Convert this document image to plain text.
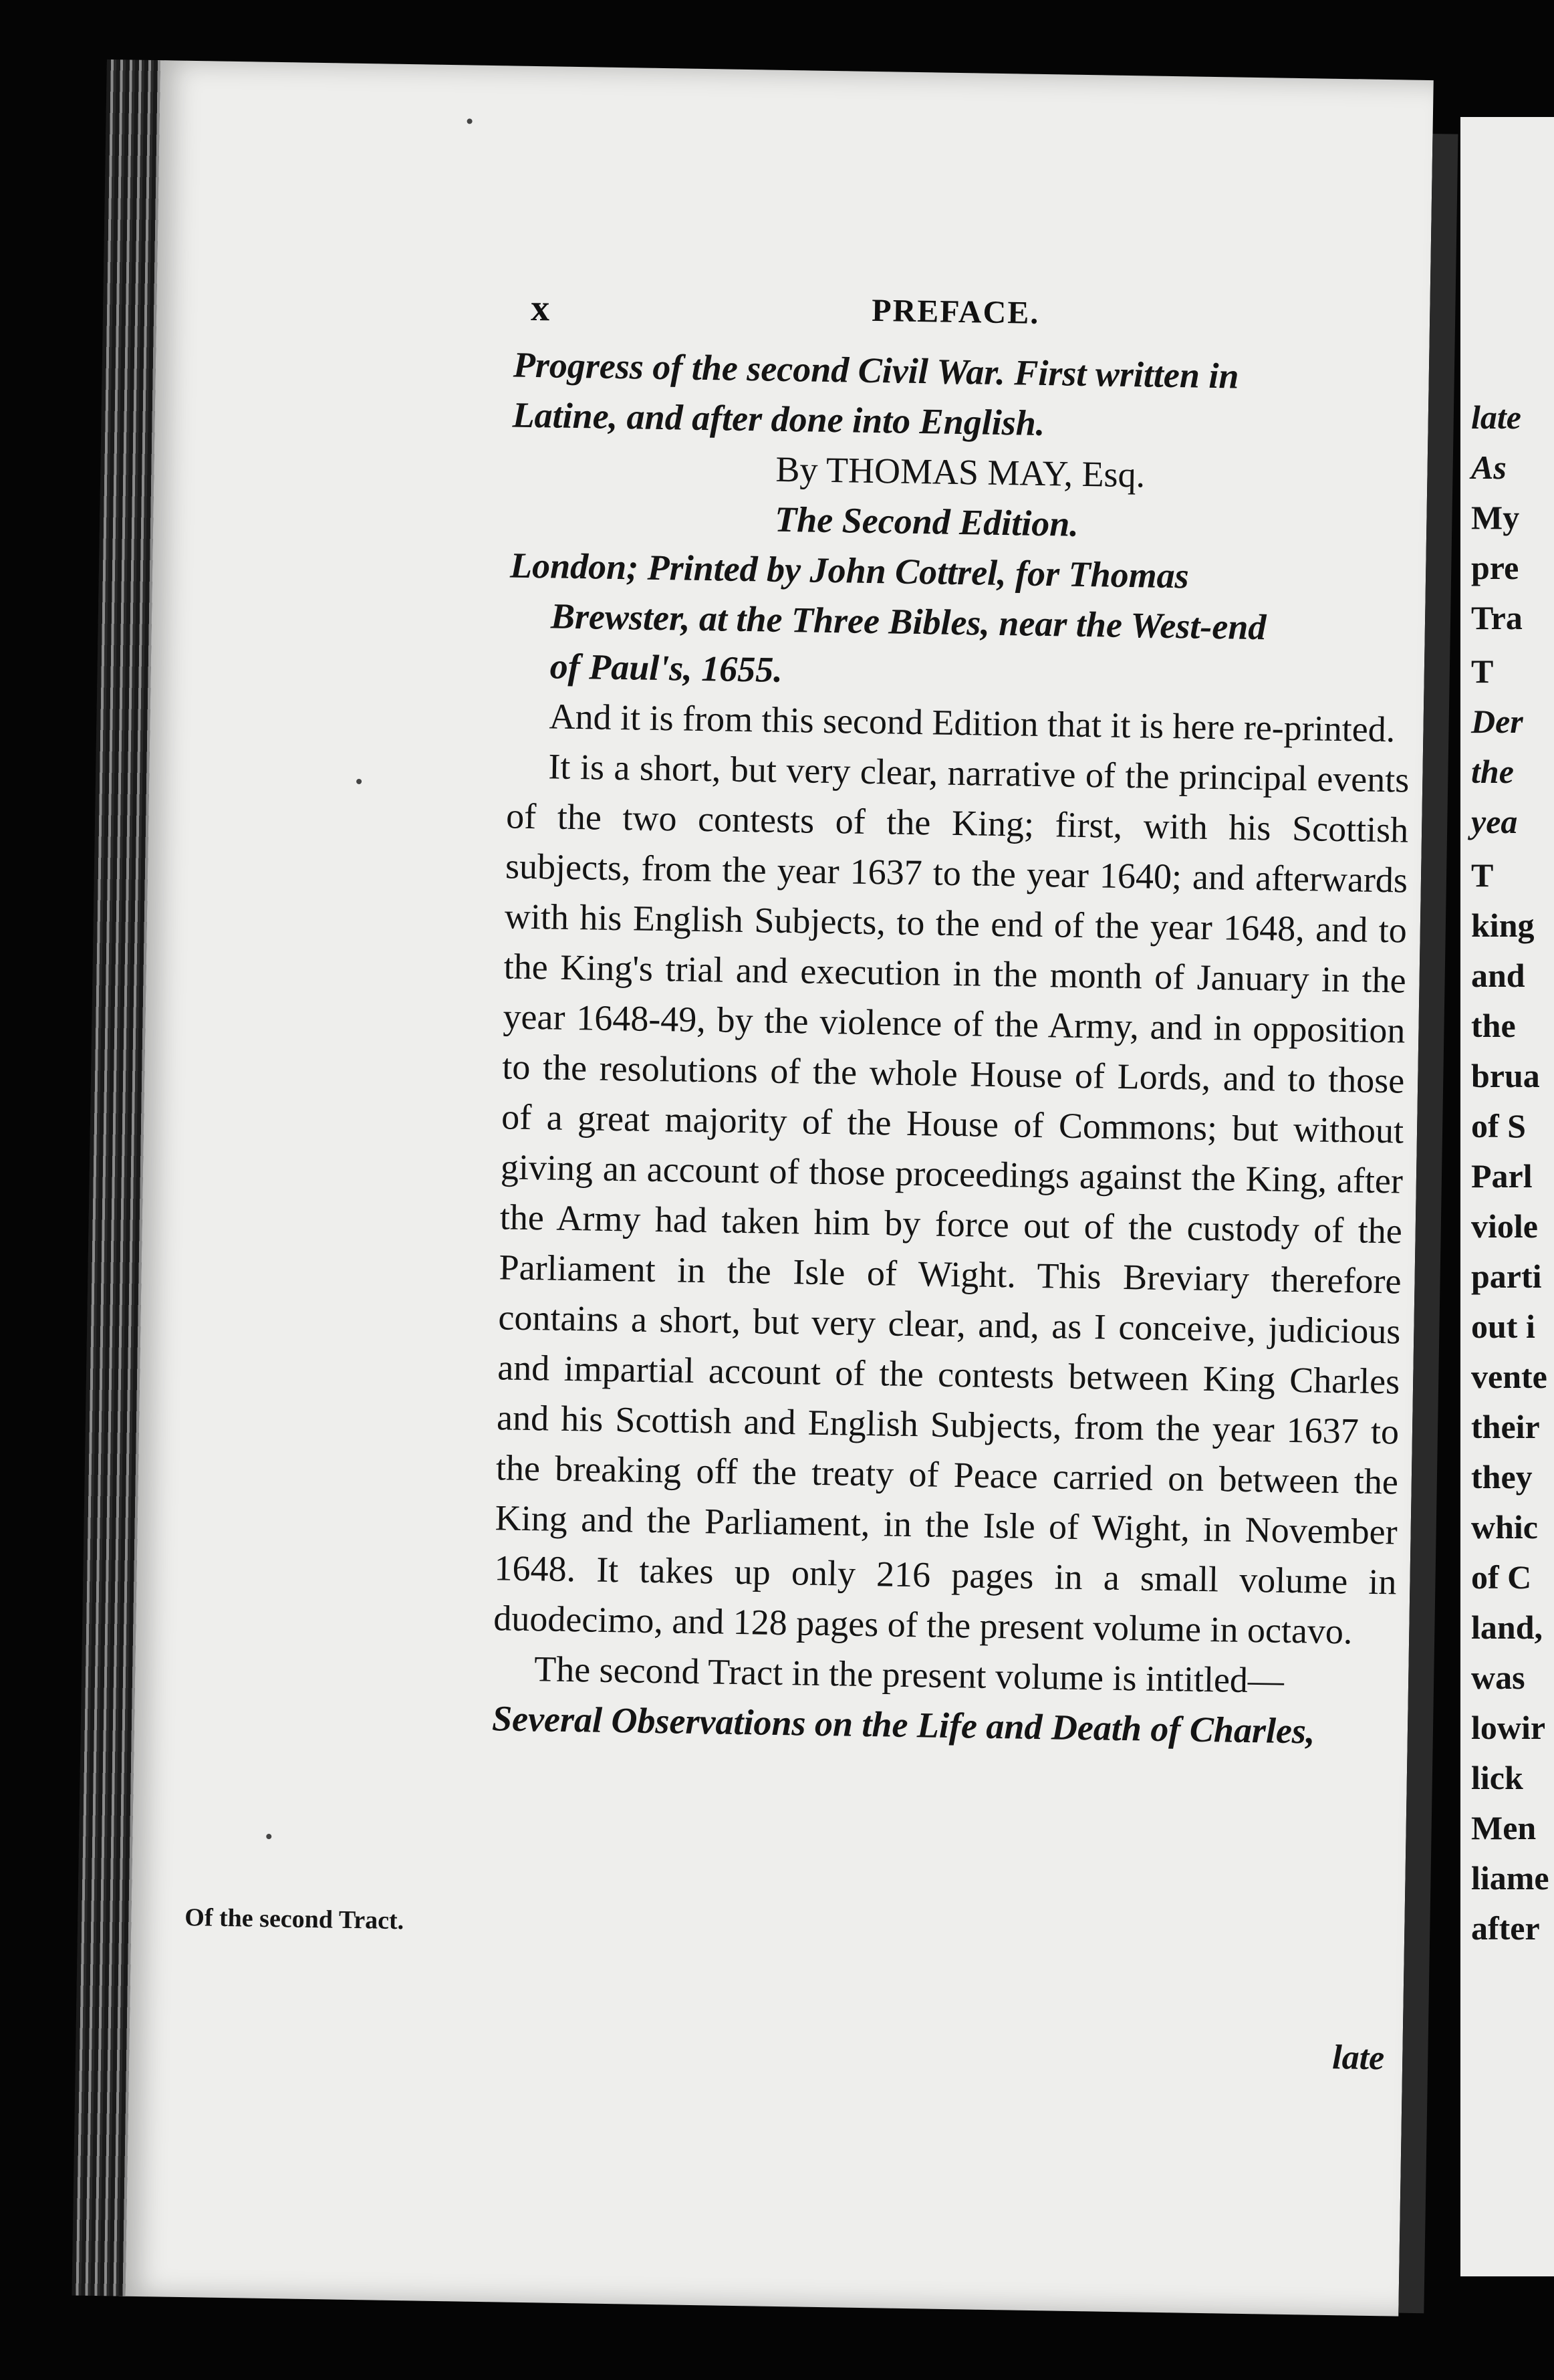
late
As
My
pre
Tra
T
Der
the
yea
T
king
and
the
brua
of S
Parl
viole
parti
out i
vente
their
they
whic
of C
land,
was
lowir
lick
Men
liame
after
x	PREFACE.

Progress of the second Civil War. First written in

Latine, and after done into English.

By THOMAS MAY, Esq.

The Second Edition.

London; Printed by John Cottrel, for Thomas

Brewster, at the Three Bibles, near the West-end

of Paul's, 1655.

And it is from this second Edition that it is here re-printed.

It is a short, but very clear, narrative of the principal events of the two contests of the King; first, with his Scottish subjects, from the year 1637 to the year 1640; and afterwards with his English Subjects, to the end of the year 1648, and to the King's trial and execution in the month of January in the year 1648-49, by the violence of the Army, and in opposition to the resolutions of the whole House of Lords, and to those of a great majority of the House of Commons; but without giving an account of those proceedings against the King, after the Army had taken him by force out of the custody of the Parliament in the Isle of Wight. This Breviary therefore contains a short, but very clear, and, as I conceive, judicious and impartial account of the contests between King Charles and his Scottish and English Subjects, from the year 1637 to the breaking off the treaty of Peace carried on between the King and the Parliament, in the Isle of Wight, in November 1648. It takes up only 216 pages in a small volume in duodecimo, and 128 pages of the present volume in octavo.

The second Tract in the present volume is intitled—

Several Observations on the Life and Death of Charles,

Of the second Tract.
late
